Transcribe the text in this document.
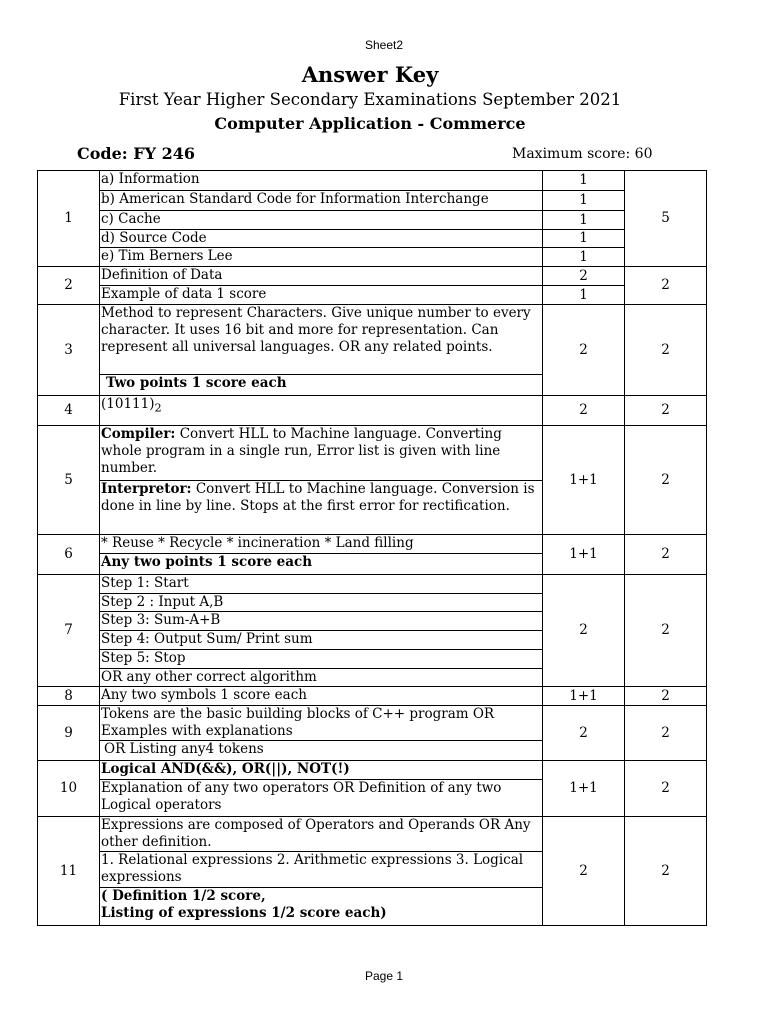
Sheet2
Answer Key
First Year Higher Secondary Examinations September 2021
Computer Application - Commerce
Code: FY 246	Maximum score: 60
1	a) Information	1	5
	b) American Standard Code for Information Interchange	1	
	c) Cache	1	
	d) Source Code	1	
	e) Tim Berners Lee	1	
2	Definition of Data	2	2
	Example of data 1 score	1	
3	Method to represent Characters. Give unique number to every character. It uses 16 bit and more for representation. Can represent all universal languages. OR any related points.	2	2
	Two points 1 score each		
4	$(10111)_2$	2	2
5	Compiler: Convert HLL to Machine language. Converting whole program in a single run, Error list is given with line number.	1+1	2
	Interpretor: Convert HLL to Machine language. Conversion is done in line by line. Stops at the first error for rectification.		
6	* Reuse * Recycle * incineration * Land filling	1+1	2
	Any two points 1 score each		
7	Step 1: Start	2	2
	Step 2 : Input A,B		
	Step 3: Sum-A+B		
	Step 4: Output Sum/ Print sum		
	Step 5: Stop		
	OR any other correct algorithm		
8	Any two symbols 1 score each	1+1	2
9	Tokens are the basic building blocks of C++ program OR Examples with explanations	2	2
	OR Listing any4 tokens		
10	Logical AND(&&), OR(||), NOT(!)	1+1	2
	Explanation of any two operators OR Definition of any two Logical operators		
11	Expressions are composed of Operators and Operands OR Any other definition.	2	2
	1. Relational expressions 2. Arithmetic expressions 3. Logical expressions		
	( Definition 1/2 score,
Listing of expressions 1/2 score each)		
Page 1
